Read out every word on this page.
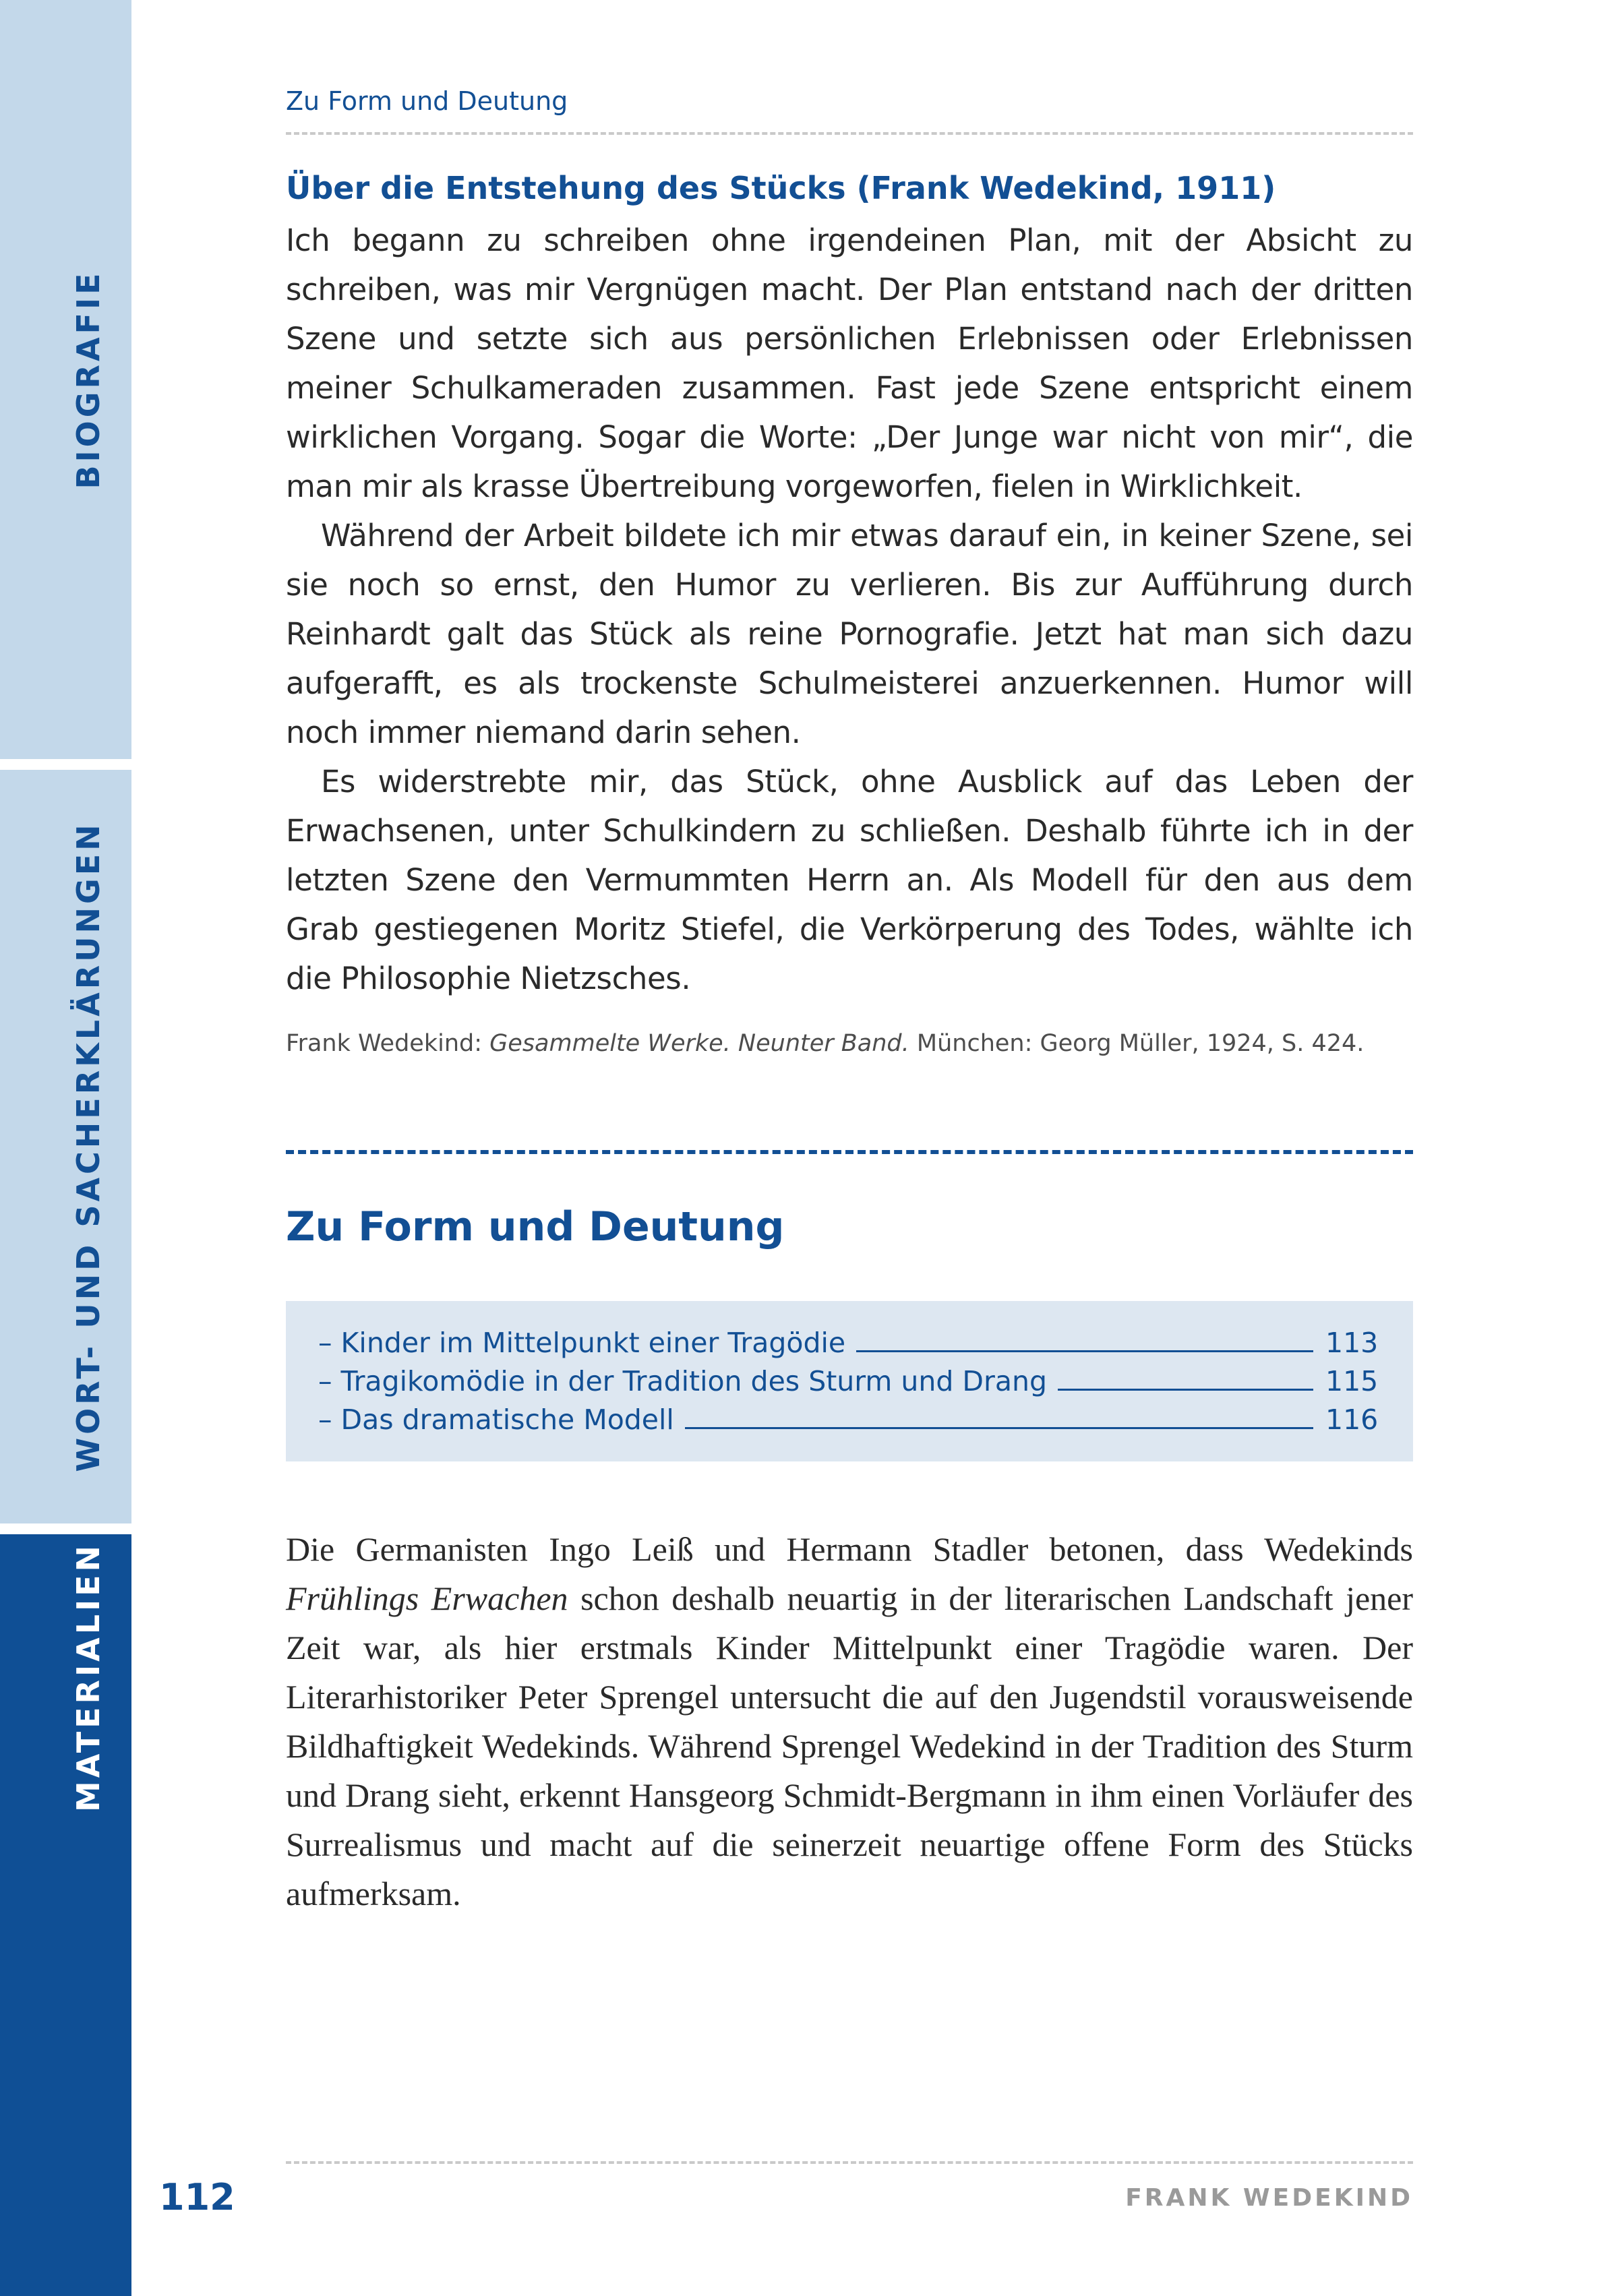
BIOGRAFIE
WORT- UND SACHERKLÄRUNGEN
MATERIALIEN
112
Zu Form und Deutung
Über die Entstehung des Stücks (Frank Wedekind, 1911)

Ich begann zu schreiben ohne irgendeinen Plan, mit der Absicht zu schreiben, was mir Vergnügen macht. Der Plan entstand nach der dritten Szene und setzte sich aus persönlichen Erlebnissen oder Erlebnissen meiner Schulkameraden zusammen. Fast jede Szene entspricht einem wirklichen Vorgang. Sogar die Worte: „Der Junge war nicht von mir“, die man mir als krasse Übertreibung vorgeworfen, fielen in Wirklichkeit.

Während der Arbeit bildete ich mir etwas darauf ein, in keiner Szene, sei sie noch so ernst, den Humor zu verlieren. Bis zur Aufführung durch Reinhardt galt das Stück als reine Pornografie. Jetzt hat man sich dazu aufgerafft, es als trockenste Schulmeisterei anzuerkennen. Humor will noch immer niemand darin sehen.

Es widerstrebte mir, das Stück, ohne Ausblick auf das Leben der Erwachsenen, unter Schulkindern zu schließen. Deshalb führte ich in der letzten Szene den Vermummten Herrn an. Als Modell für den aus dem Grab gestiegenen Moritz Stiefel, die Verkörperung des Todes, wählte ich die Philosophie Nietzsches.

Frank Wedekind: Gesammelte Werke. Neunter Band. München: Georg Müller, 1924, S. 424.
Zu Form und Deutung
– Kinder im Mittelpunkt einer Tragödie	113
– Tragikomödie in der Tradition des Sturm und Drang	115
– Das dramatische Modell	116

Die Germanisten Ingo Leiß und Hermann Stadler betonen, dass Wedekinds Frühlings Erwachen schon deshalb neuartig in der literarischen Landschaft jener Zeit war, als hier erstmals Kinder Mittelpunkt einer Tragödie waren. Der Literarhistoriker Peter Sprengel untersucht die auf den Jugendstil vorausweisende Bildhaftigkeit Wedekinds. Während Sprengel Wedekind in der Tradition des Sturm und Drang sieht, erkennt Hansgeorg Schmidt-Bergmann in ihm einen Vorläufer des Surrealismus und macht auf die seinerzeit neuartige offene Form des Stücks aufmerksam.

FRANK WEDEKIND
